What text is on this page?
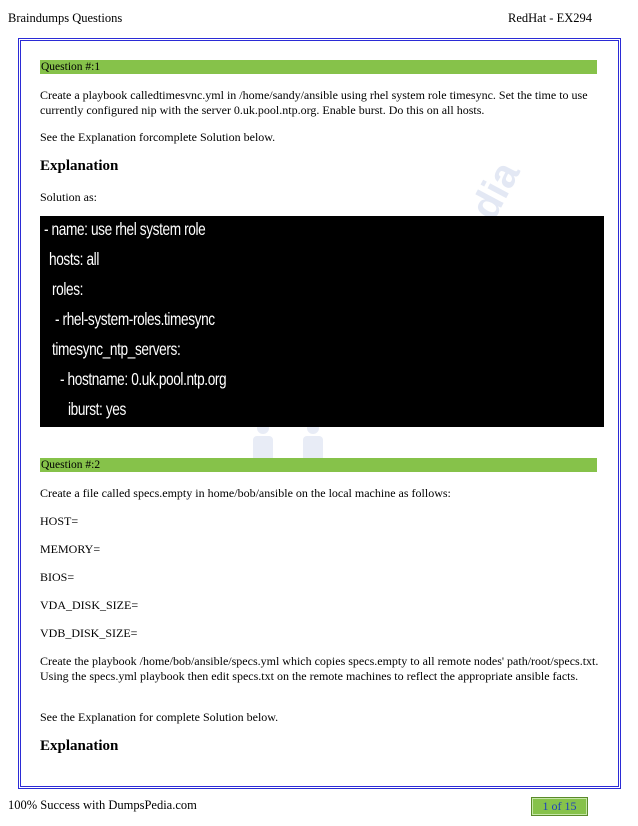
Braindumps Questions	RedHat - EX294
Question #:1
Create a playbook calledtimesvnc.yml in /home/sandy/ansible using rhel system role timesync. Set the time to use currently configured nip with the server 0.uk.pool.ntp.org. Enable burst. Do this on all hosts.
See the Explanation forcomplete Solution below.
Explanation
Solution as:
- name: use rhel system role
hosts: all
roles:
- rhel-system-roles.timesync
timesync_ntp_servers:
- hostname: 0.uk.pool.ntp.org
iburst: yes
Question #:2
Create a file called specs.empty in home/bob/ansible on the local machine as follows:
HOST=
MEMORY=
BIOS=
VDA_DISK_SIZE=
VDB_DISK_SIZE=
Create the playbook /home/bob/ansible/specs.yml which copies specs.empty to all remote nodes' path/root/specs.txt. Using the specs.yml playbook then edit specs.txt on the remote machines to reflect the appropriate ansible facts.
See the Explanation for complete Solution below.
Explanation
100% Success with DumpsPedia.com	1 of 15
